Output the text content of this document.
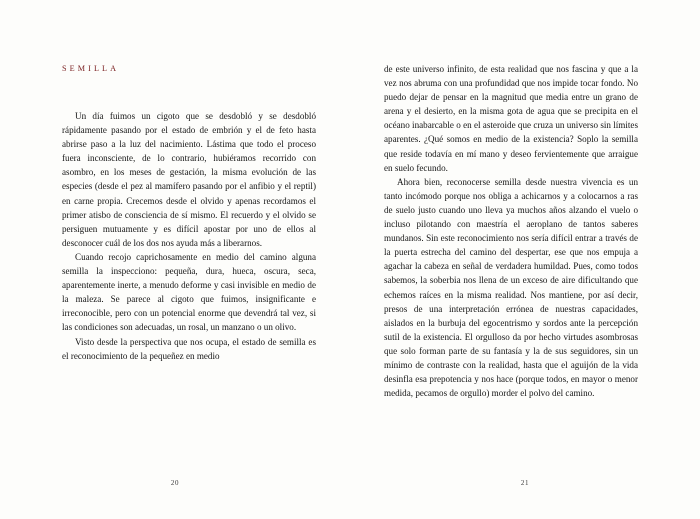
SEMILLA

Un día fuimos un cigoto que se desdobló y se desdobló rápidamente pasando por el estado de embrión y el de feto hasta abrirse paso a la luz del nacimiento. Lástima que todo el proceso fuera inconsciente, de lo contrario, hubiéramos recorrido con asombro, en los meses de gestación, la misma evolución de las especies (desde el pez al mamífero pasando por el anfibio y el reptil) en carne propia. Crecemos desde el olvido y apenas recordamos el primer atisbo de consciencia de sí mismo. El recuerdo y el olvido se persiguen mutuamente y es difícil apostar por uno de ellos al desconocer cuál de los dos nos ayuda más a liberarnos.

Cuando recojo caprichosamente en medio del camino alguna semilla la inspecciono: pequeña, dura, hueca, oscura, seca, aparentemente inerte, a menudo deforme y casi invisible en medio de la maleza. Se parece al cigoto que fuimos, insignificante e irreconocible, pero con un potencial enorme que devendrá tal vez, si las condiciones son adecuadas, un rosal, un manzano o un olivo.

Visto desde la perspectiva que nos ocupa, el estado de semilla es el reconocimiento de la pequeñez en medio

20

de este universo infinito, de esta realidad que nos fascina y que a la vez nos abruma con una profundidad que nos impide tocar fondo. No puedo dejar de pensar en la magnitud que media entre un grano de arena y el desierto, en la misma gota de agua que se precipita en el océano inabarcable o en el asteroide que cruza un universo sin límites aparentes. ¿Qué somos en medio de la existencia? Soplo la semilla que reside todavía en mí mano y deseo fervientemente que arraigue en suelo fecundo.

Ahora bien, reconocerse semilla desde nuestra vivencia es un tanto incómodo porque nos obliga a achicarnos y a colocarnos a ras de suelo justo cuando uno lleva ya muchos años alzando el vuelo o incluso pilotando con maestría el aeroplano de tantos saberes mundanos. Sin este reconocimiento nos sería difícil entrar a través de la puerta estrecha del camino del despertar, ese que nos empuja a agachar la cabeza en señal de verdadera humildad. Pues, como todos sabemos, la soberbia nos llena de un exceso de aire dificultando que echemos raíces en la misma realidad. Nos mantiene, por así decir, presos de una interpretación errónea de nuestras capacidades, aislados en la burbuja del egocentrismo y sordos ante la percepción sutil de la existencia. El orgulloso da por hecho virtudes asombrosas que solo forman parte de su fantasía y la de sus seguidores, sin un mínimo de contraste con la realidad, hasta que el aguijón de la vida desinfla esa prepotencia y nos hace (porque todos, en mayor o menor medida, pecamos de orgullo) morder el polvo del camino.

21
